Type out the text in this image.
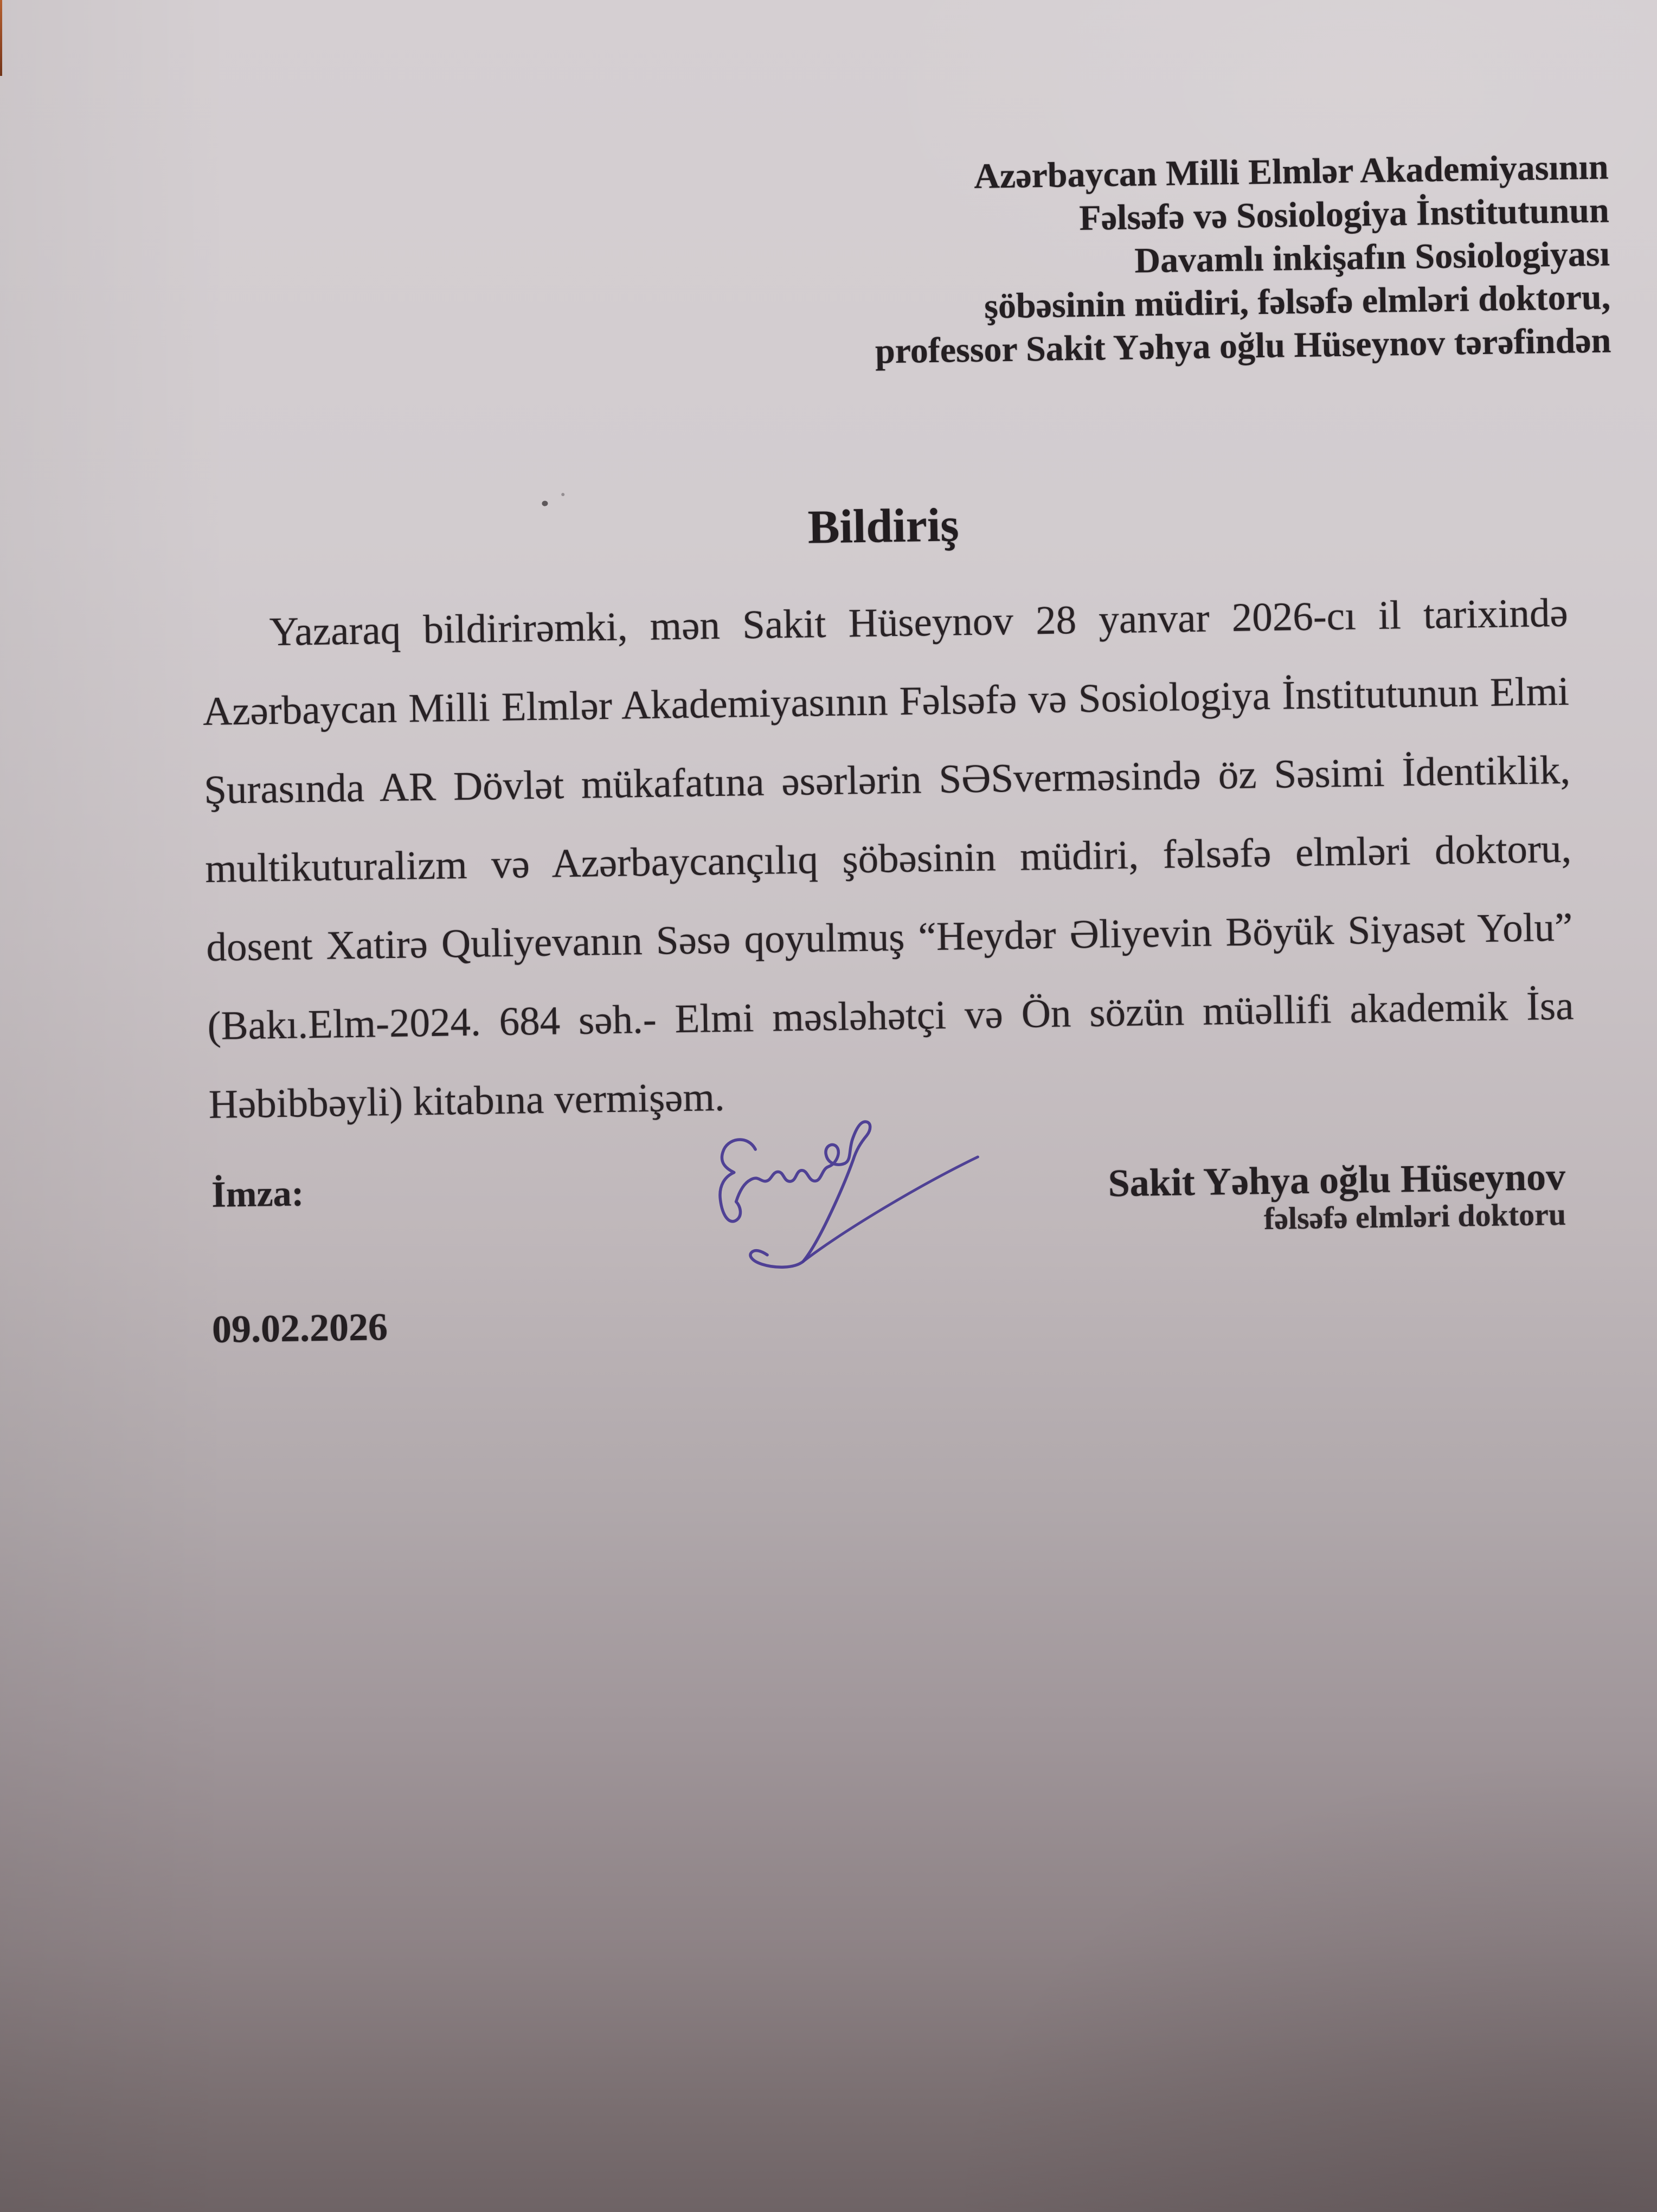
Azərbaycan Milli Elmlər Akademiyasının
Fəlsəfə və Sosiologiya İnstitutunun
Davamlı inkişafın Sosiologiyası
şöbəsinin müdiri, fəlsəfə elmləri doktoru,
professor Sakit Yəhya oğlu Hüseynov tərəfindən
Bildiriş
Yazaraq bildirirəmki, mən Sakit Hüseynov 28 yanvar 2026-cı il tarixində
Azərbaycan Milli Elmlər Akademiyasının Fəlsəfə və Sosiologiya İnstitutunun Elmi
Şurasında AR Dövlət mükafatına əsərlərin SƏSverməsində öz Səsimi İdentiklik,
multikuturalizm və Azərbaycançılıq şöbəsinin müdiri, fəlsəfə elmləri doktoru,
dosent Xatirə Quliyevanın Səsə qoyulmuş “Heydər Əliyevin Böyük Siyasət Yolu”
(Bakı.Elm-2024. 684 səh.- Elmi məsləhətçi və Ön sözün müəllifi akademik İsa
Həbibbəyli) kitabına vermişəm.
İmza:	Sakit Yəhya oğlu Hüseynov
fəlsəfə elmləri doktoru
09.02.2026
